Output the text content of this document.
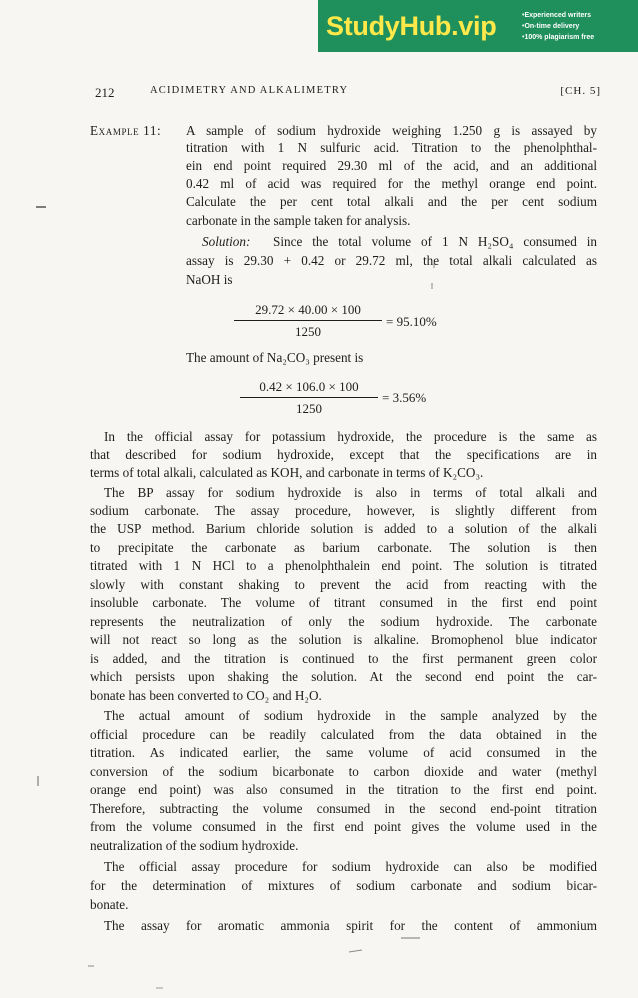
StudyHub.vip
•	Experienced writers
• On-time delivery
• 100% plagiarism free
212	ACIDIMETRY AND ALKALIMETRY	[CH. 5]
Example 11: A sample of sodium hydroxide weighing 1.250 g is assayed by
titration with 1 N sulfuric acid. Titration to the phenolphthal-
ein end point required 29.30 ml of the acid, and an additional
0.42 ml of acid was required for the methyl orange end point.
Calculate the per cent total alkali and the per cent sodium
carbonate in the sample taken for analysis.
Solution: Since the total volume of 1 N H₂SO₄ consumed in
assay is 29.30 + 0.42 or 29.72 ml, the total alkali calculated as
NaOH is
$\frac{29.72 \times 40.00 \times 100}{1250} = 95.10\%$
The amount of Na₂CO₃ present is
$\frac{0.42 \times 106.0 \times 100}{1250} = 3.56\%$
In the official assay for potassium hydroxide, the procedure is the same as
that described for sodium hydroxide, except that the specifications are in
terms of total alkali, calculated as KOH, and carbonate in terms of K₂CO₃.
The BP assay for sodium hydroxide is also in terms of total alkali and
sodium carbonate. The assay procedure, however, is slightly different from
the USP method. Barium chloride solution is added to a solution of the alkali
to precipitate the carbonate as barium carbonate. The solution is then
titrated with 1 N HCl to a phenolphthalein end point. The solution is titrated
slowly with constant shaking to prevent the acid from reacting with the
insoluble carbonate. The volume of titrant consumed in the first end point
represents the neutralization of only the sodium hydroxide. The carbonate
will not react so long as the solution is alkaline. Bromophenol blue indicator
is added, and the titration is continued to the first permanent green color
which persists upon shaking the solution. At the second end point the car-
bonate has been converted to CO₂ and H₂O.
The actual amount of sodium hydroxide in the sample analyzed by the
official procedure can be readily calculated from the data obtained in the
titration. As indicated earlier, the same volume of acid consumed in the
conversion of the sodium bicarbonate to carbon dioxide and water (methyl
orange end point) was also consumed in the titration to the first end point.
Therefore, subtracting the volume consumed in the second end-point titration
from the volume consumed in the first end point gives the volume used in the
neutralization of the sodium hydroxide.
The official assay procedure for sodium hydroxide can also be modified
for the determination of mixtures of sodium carbonate and sodium bicar-
bonate.
The assay for aromatic ammonia spirit for the content of ammonium
